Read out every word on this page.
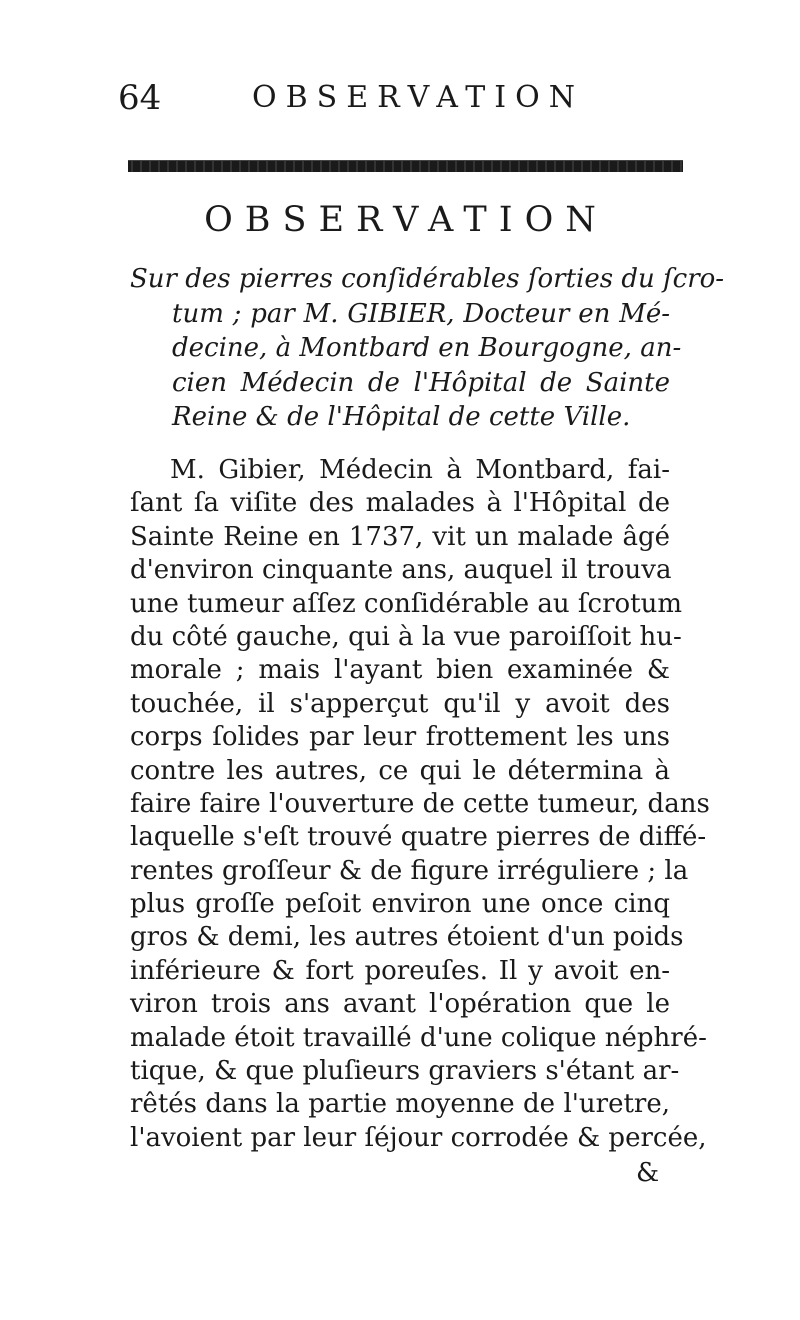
64	OBSERVATION
OBSERVATION
Sur des pierres conſidérables ſorties du ſcro-
tum ; par M. GIBIER, Docteur en Mé-
decine, à Montbard en Bourgogne, an-
cien Médecin de l'Hôpital de Sainte
Reine & de l'Hôpital de cette Ville.
M. Gibier, Médecin à Montbard, fai-
ſant ſa viſite des malades à l'Hôpital de
Sainte Reine en 1737, vit un malade âgé
d'environ cinquante ans, auquel il trouva
une tumeur aſſez conſidérable au ſcrotum
du côté gauche, qui à la vue paroiſſoit hu-
morale ; mais l'ayant bien examinée &
touchée, il s'apperçut qu'il y avoit des
corps ſolides par leur frottement les uns
contre les autres, ce qui le détermina à
faire faire l'ouverture de cette tumeur, dans
laquelle s'eſt trouvé quatre pierres de diffé-
rentes groſſeur & de figure irréguliere ; la
plus groſſe peſoit environ une once cinq
gros & demi, les autres étoient d'un poids
inférieure & fort poreuſes. Il y avoit en-
viron trois ans avant l'opération que le
malade étoit travaillé d'une colique néphré-
tique, & que pluſieurs graviers s'étant ar-
rêtés dans la partie moyenne de l'uretre,
l'avoient par leur ſéjour corrodée & percée,
&
